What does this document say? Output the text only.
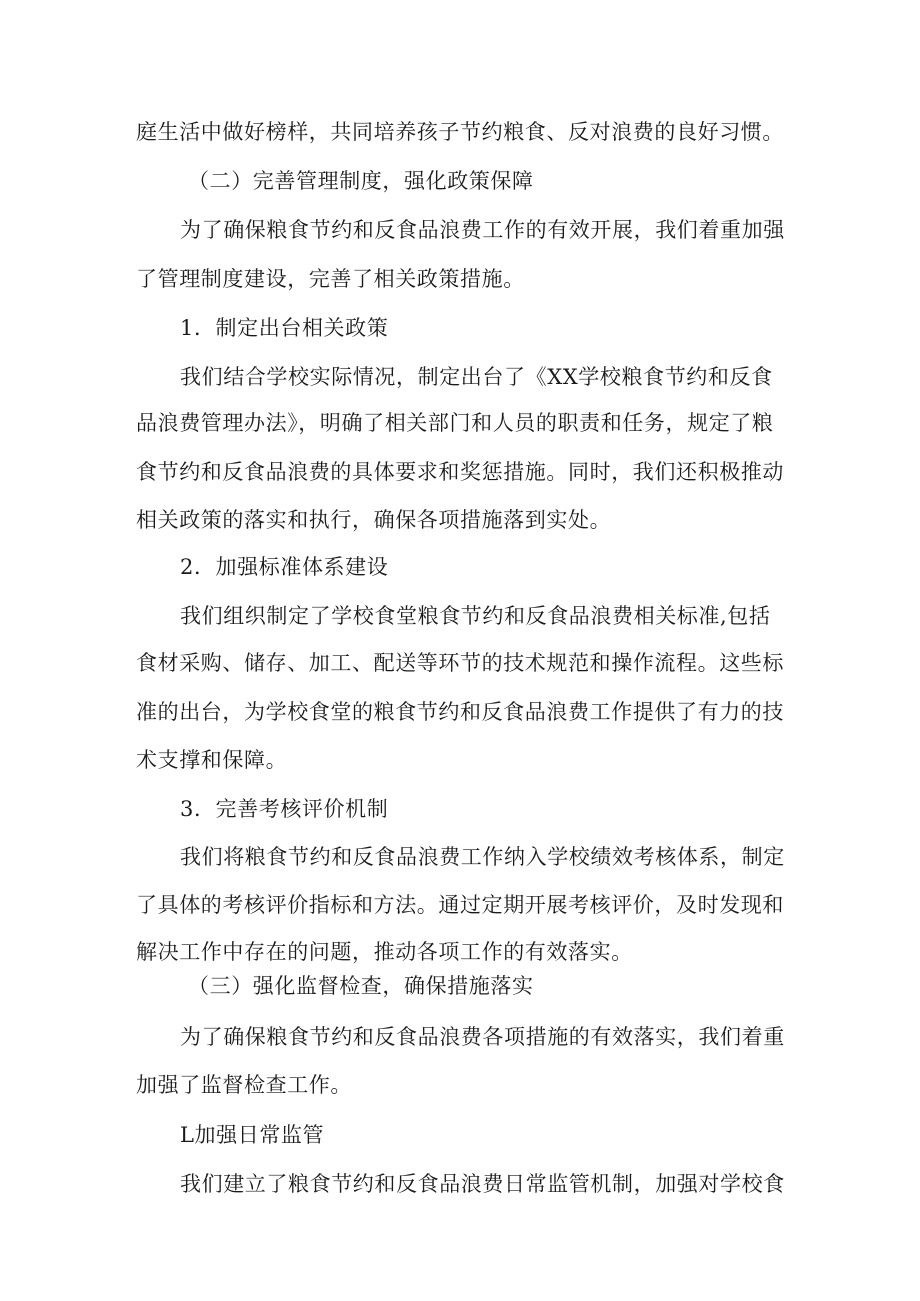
庭生活中做好榜样，共同培养孩子节约粮食、反对浪费的良好习惯。
（二）完善管理制度，强化政策保障
为了确保粮食节约和反食品浪费工作的有效开展，我们着重加强
了管理制度建设，完善了相关政策措施。
1．制定出台相关政策
我们结合学校实际情况，制定出台了《XX学校粮食节约和反食
品浪费管理办法》，明确了相关部门和人员的职责和任务，规定了粮
食节约和反食品浪费的具体要求和奖惩措施。同时，我们还积极推动
相关政策的落实和执行，确保各项措施落到实处。
2．加强标准体系建设
我们组织制定了学校食堂粮食节约和反食品浪费相关标准,包括
食材采购、储存、加工、配送等环节的技术规范和操作流程。这些标
准的出台，为学校食堂的粮食节约和反食品浪费工作提供了有力的技
术支撑和保障。
3．完善考核评价机制
我们将粮食节约和反食品浪费工作纳入学校绩效考核体系，制定
了具体的考核评价指标和方法。通过定期开展考核评价，及时发现和
解决工作中存在的问题，推动各项工作的有效落实。
（三）强化监督检查，确保措施落实
为了确保粮食节约和反食品浪费各项措施的有效落实，我们着重
加强了监督检查工作。
L加强日常监管
我们建立了粮食节约和反食品浪费日常监管机制，加强对学校食
